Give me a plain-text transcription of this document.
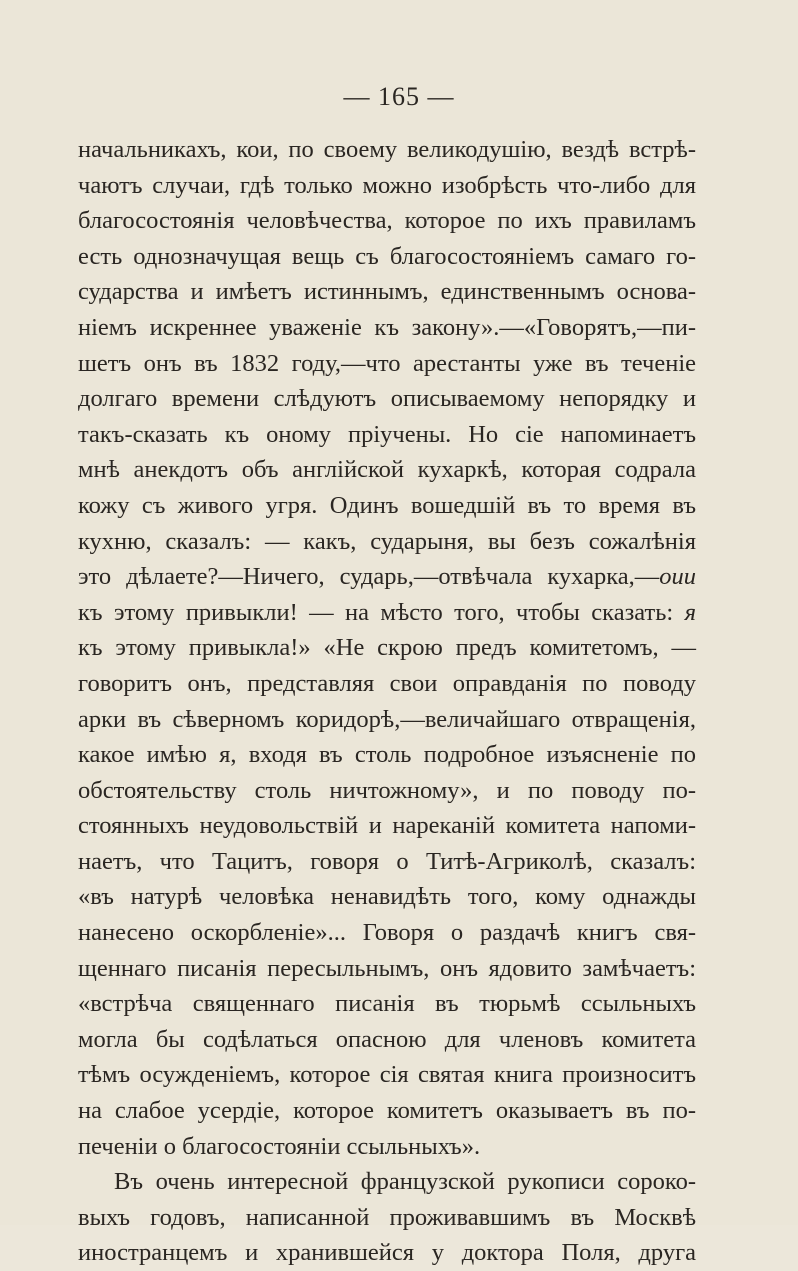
— 165 —
начальникахъ, кои, по своему великодушію, вездѣ встрѣ-
чаютъ случаи, гдѣ только можно изобрѣсть что-либо для
благосостоянія человѣчества, которое по ихъ правиламъ
есть однозначущая вещь съ благосостояніемъ самаго го-
сударства и имѣетъ истиннымъ, единственнымъ основа-
ніемъ искреннее уваженіе къ закону».—«Говорятъ,—пи-
шетъ онъ въ 1832 году,—что арестанты уже въ теченіе
долгаго времени слѣдуютъ описываемому непорядку и
такъ-сказать къ оному пріучены. Но сіе напоминаетъ
мнѣ анекдотъ объ англійской кухаркѣ, которая содрала
кожу съ живого угря. Одинъ вошедшій въ то время въ
кухню, сказалъ: — какъ, сударыня, вы безъ сожалѣнія
это дѣлаете?—Ничего, сударь,—отвѣчала кухарка,—оии
къ этому привыкли! — на мѣсто того, чтобы сказать: я
къ этому привыкла!» «Не скрою предъ комитетомъ, —
говоритъ онъ, представляя свои оправданія по поводу
арки въ сѣверномъ коридорѣ,—величайшаго отвращенія,
какое имѣю я, входя въ столь подробное изъясненіе по
обстоятельству столь ничтожному», и по поводу по-
стоянныхъ неудовольствій и нареканій комитета напоми-
наетъ, что Тацитъ, говоря о Титѣ-Агриколѣ, сказалъ:
«въ натурѣ человѣка ненавидѣть того, кому однажды
нанесено оскорбленіе»... Говоря о раздачѣ книгъ свя-
щеннаго писанія пересыльнымъ, онъ ядовито замѣчаетъ:
«встрѣча священнаго писанія въ тюрьмѣ ссыльныхъ
могла бы содѣлаться опасною для членовъ комитета
тѣмъ осужденіемъ, которое сія святая книга произноситъ
на слабое усердіе, которое комитетъ оказываетъ въ по-
печеніи о благосостояніи ссыльныхъ».
Въ очень интересной французской рукописи сороко-
выхъ годовъ, написанной проживавшимъ въ Москвѣ
иностранцемъ и хранившейся у доктора Поля, друга
